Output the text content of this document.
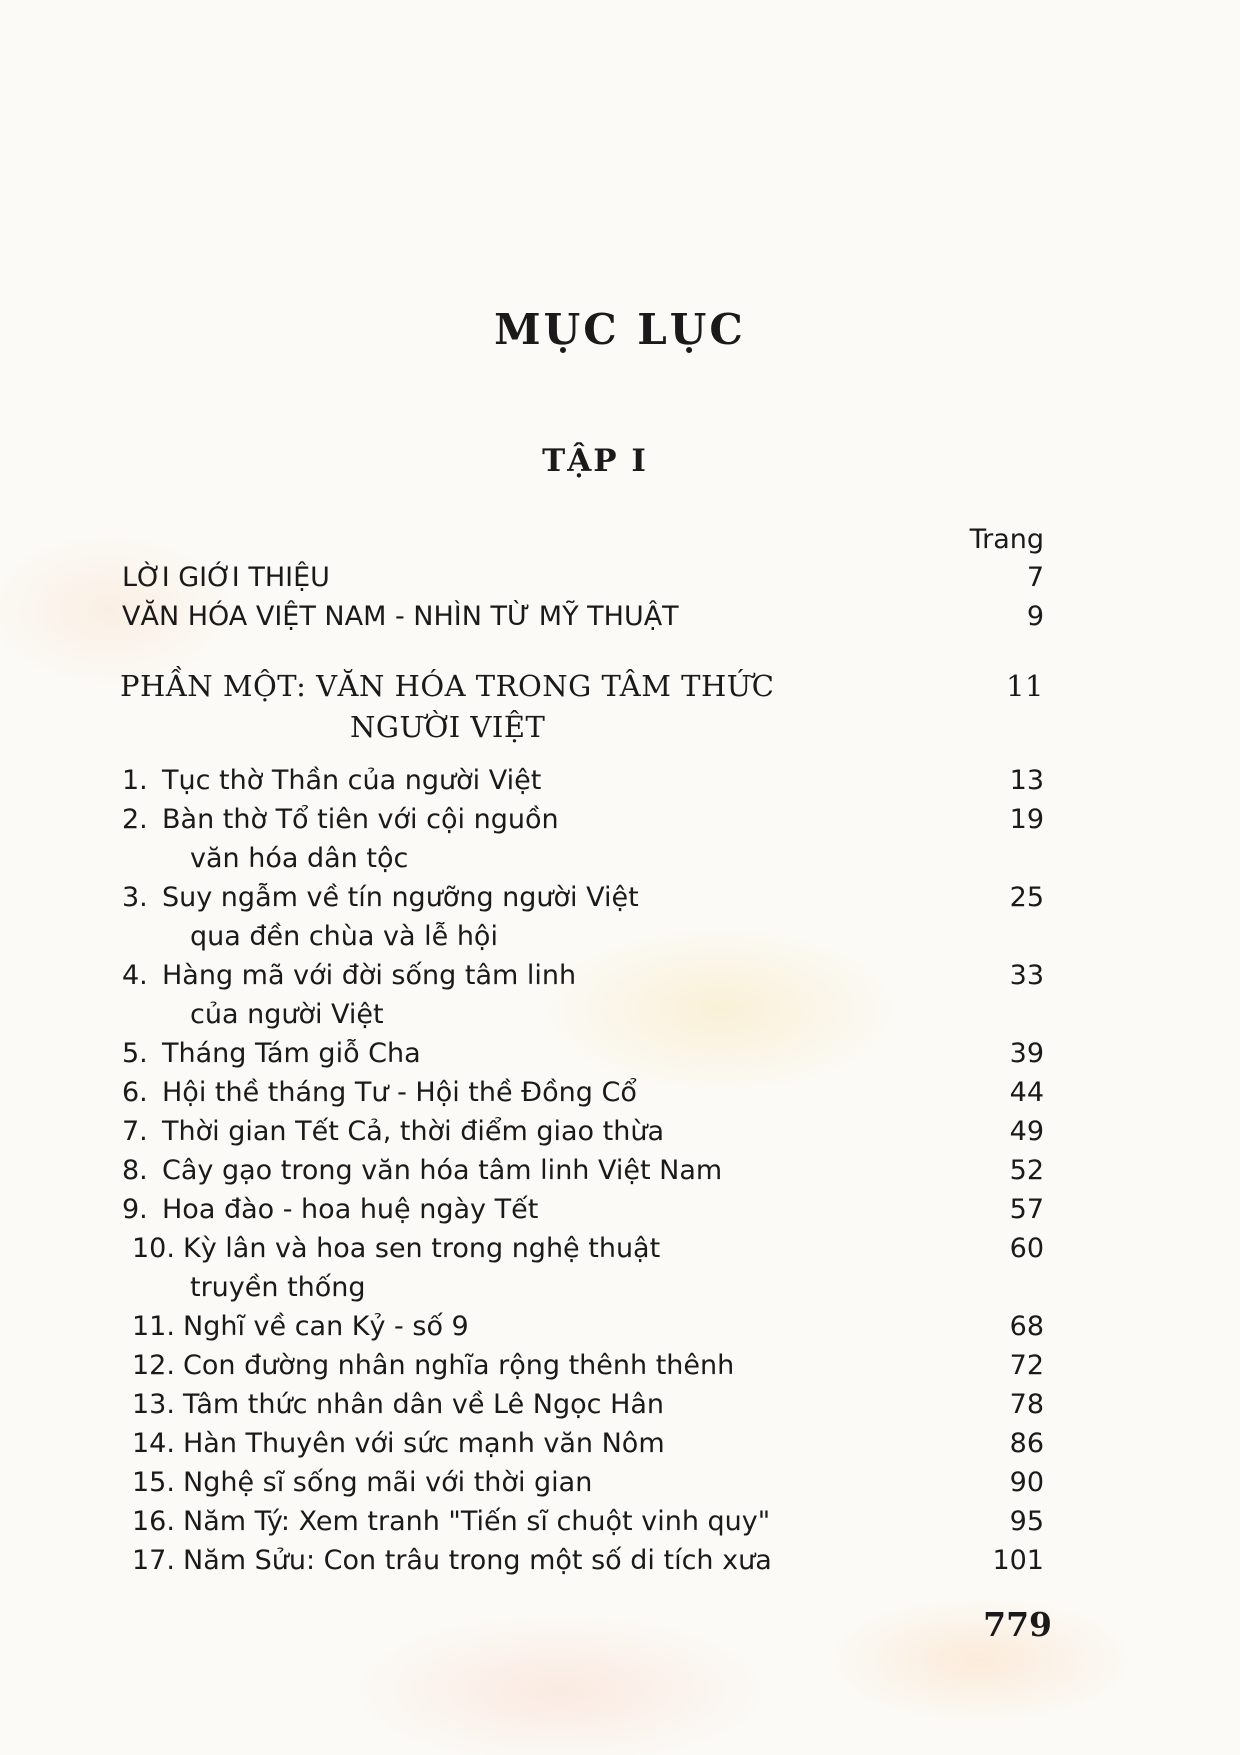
MỤC LỤC
TẬP I
Trang
LỜI GIỚI THIỆU	7
VĂN HÓA VIỆT NAM - NHÌN TỪ MỸ THUẬT	9
PHẦN MỘT: VĂN HÓA TRONG TÂM THỨC	11
NGƯỜI VIỆT
1. Tục thờ Thần của người Việt	13
2. Bàn thờ Tổ tiên với cội nguồn	19
văn hóa dân tộc
3. Suy ngẫm về tín ngưỡng người Việt	25
qua đền chùa và lễ hội
4. Hàng mã với đời sống tâm linh	33
của người Việt
5. Tháng Tám giỗ Cha	39
6. Hội thề tháng Tư - Hội thề Đồng Cổ	44
7. Thời gian Tết Cả, thời điểm giao thừa	49
8. Cây gạo trong văn hóa tâm linh Việt Nam	52
9. Hoa đào - hoa huệ ngày Tết	57
10. Kỳ lân và hoa sen trong nghệ thuật	60
truyền thống
11. Nghĩ về can Kỷ - số 9	68
12. Con đường nhân nghĩa rộng thênh thênh	72
13. Tâm thức nhân dân về Lê Ngọc Hân	78
14. Hàn Thuyên với sức mạnh văn Nôm	86
15. Nghệ sĩ sống mãi với thời gian	90
16. Năm Tý: Xem tranh "Tiến sĩ chuột vinh quy"	95
17. Năm Sửu: Con trâu trong một số di tích xưa	101
779
